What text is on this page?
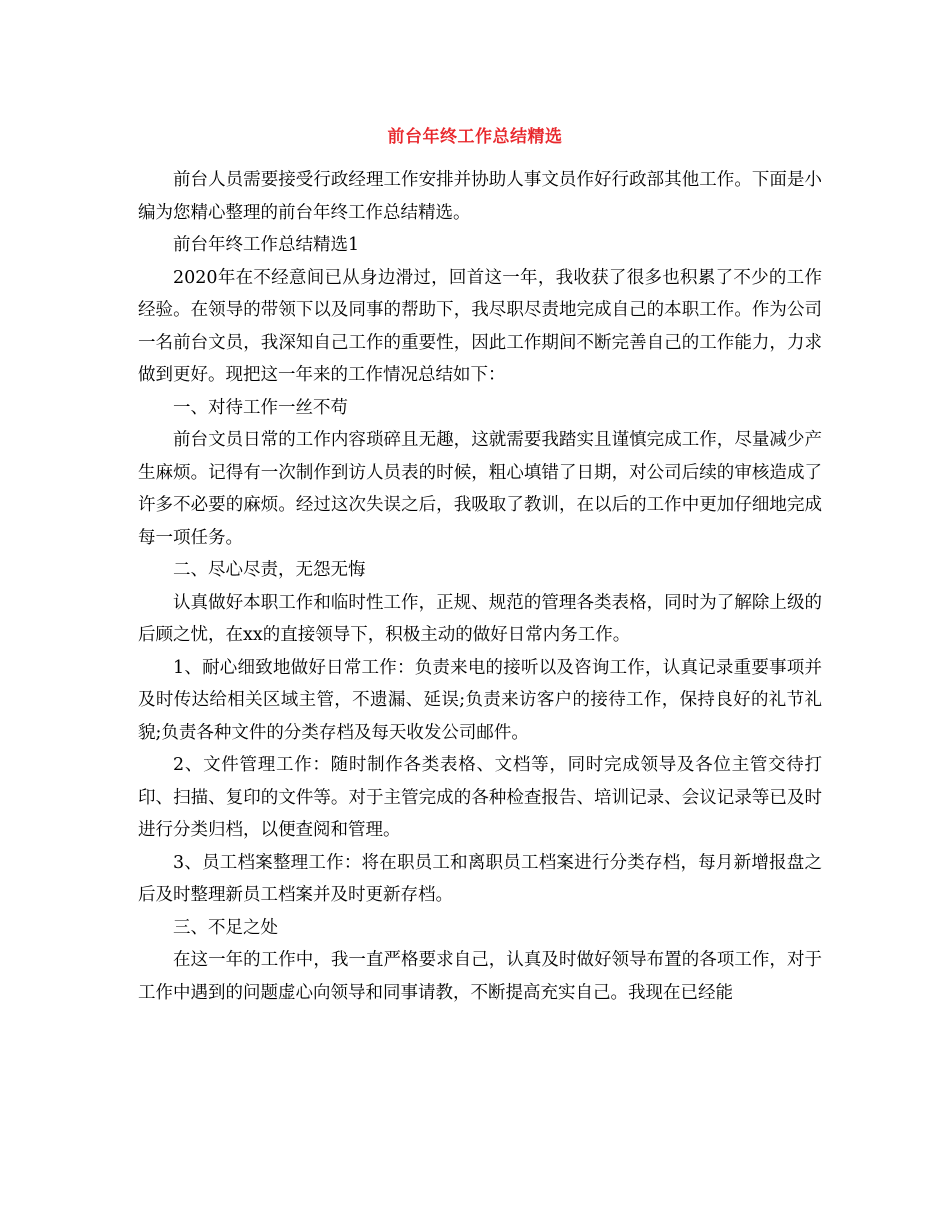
前台年终工作总结精选

前台人员需要接受行政经理工作安排并协助人事文员作好行政部其他工作。下面是小编为您精心整理的前台年终工作总结精选。

前台年终工作总结精选1

2020年在不经意间已从身边滑过，回首这一年，我收获了很多也积累了不少的工作经验。在领导的带领下以及同事的帮助下，我尽职尽责地完成自己的本职工作。作为公司一名前台文员，我深知自己工作的重要性，因此工作期间不断完善自己的工作能力，力求做到更好。现把这一年来的工作情况总结如下：

一、对待工作一丝不苟

前台文员日常的工作内容琐碎且无趣，这就需要我踏实且谨慎完成工作，尽量减少产生麻烦。记得有一次制作到访人员表的时候，粗心填错了日期，对公司后续的审核造成了许多不必要的麻烦。经过这次失误之后，我吸取了教训，在以后的工作中更加仔细地完成每一项任务。

二、尽心尽责，无怨无悔

认真做好本职工作和临时性工作，正规、规范的管理各类表格，同时为了解除上级的后顾之忧，在xx的直接领导下，积极主动的做好日常内务工作。

1、耐心细致地做好日常工作：负责来电的接听以及咨询工作，认真记录重要事项并及时传达给相关区域主管，不遗漏、延误;负责来访客户的接待工作，保持良好的礼节礼貌;负责各种文件的分类存档及每天收发公司邮件。

2、文件管理工作：随时制作各类表格、文档等，同时完成领导及各位主管交待打印、扫描、复印的文件等。对于主管完成的各种检查报告、培训记录、会议记录等已及时进行分类归档，以便查阅和管理。

3、员工档案整理工作：将在职员工和离职员工档案进行分类存档，每月新增报盘之后及时整理新员工档案并及时更新存档。

三、不足之处

在这一年的工作中，我一直严格要求自己，认真及时做好领导布置的各项工作，对于工作中遇到的问题虚心向领导和同事请教，不断提高充实自己。我现在已经能
